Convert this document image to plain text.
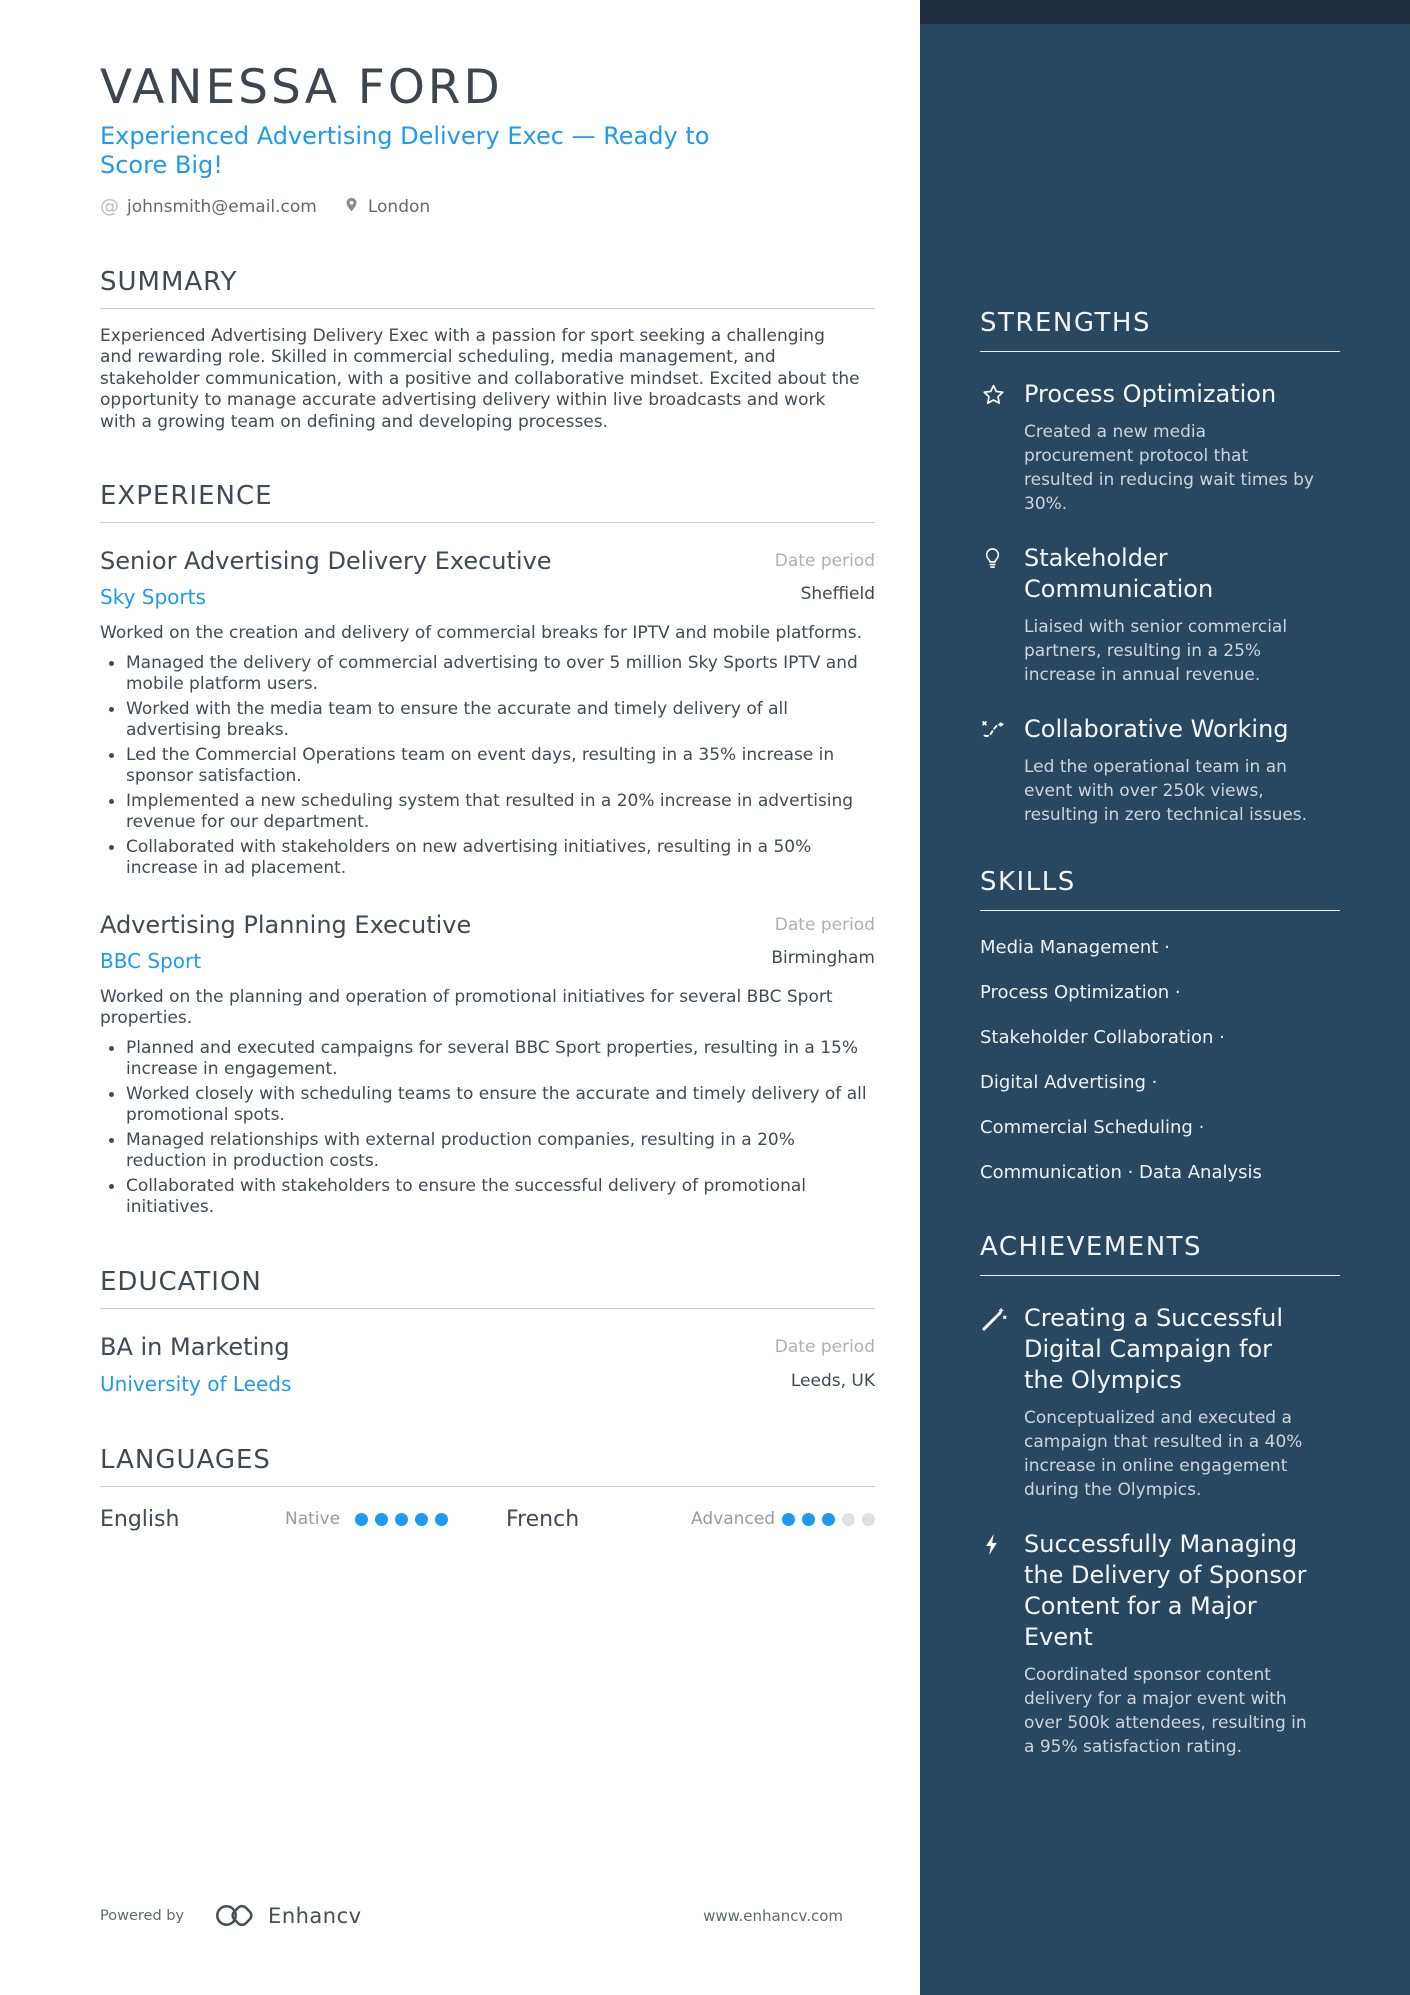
VANESSA FORD
Experienced Advertising Delivery Exec — Ready to Score Big!
@ johnsmith@email.com	London
SUMMARY

Experienced Advertising Delivery Exec with a passion for sport seeking a challenging and rewarding role. Skilled in commercial scheduling, media management, and stakeholder communication, with a positive and collaborative mindset. Excited about the opportunity to manage accurate advertising delivery within live broadcasts and work with a growing team on defining and developing processes.

EXPERIENCE
Senior Advertising Delivery Executive	Date period
Sky Sports	Sheffield

Worked on the creation and delivery of commercial breaks for IPTV and mobile platforms.

Managed the delivery of commercial advertising to over 5 million Sky Sports IPTV and mobile platform users.
Worked with the media team to ensure the accurate and timely delivery of all advertising breaks.
Led the Commercial Operations team on event days, resulting in a 35% increase in sponsor satisfaction.
Implemented a new scheduling system that resulted in a 20% increase in advertising revenue for our department.
Collaborated with stakeholders on new advertising initiatives, resulting in a 50% increase in ad placement.
Advertising Planning Executive	Date period
BBC Sport	Birmingham

Worked on the planning and operation of promotional initiatives for several BBC Sport properties.

Planned and executed campaigns for several BBC Sport properties, resulting in a 15% increase in engagement.
Worked closely with scheduling teams to ensure the accurate and timely delivery of all promotional spots.
Managed relationships with external production companies, resulting in a 20% reduction in production costs.
Collaborated with stakeholders to ensure the successful delivery of promotional initiatives.
EDUCATION
BA in Marketing	Date period
University of Leeds	Leeds, UK
LANGUAGES
English	Native	French	Advanced
Powered by	Enhancv	www.enhancv.com
STRENGTHS
Process Optimization
Created a new media procurement protocol that resulted in reducing wait times by 30%.
Stakeholder Communication
Liaised with senior commercial partners, resulting in a 25% increase in annual revenue.
Collaborative Working
Led the operational team in an event with over 250k views, resulting in zero technical issues.
SKILLS
Media Management ·
Process Optimization ·
Stakeholder Collaboration ·
Digital Advertising ·
Commercial Scheduling ·
Communication · Data Analysis
ACHIEVEMENTS
Creating a Successful Digital Campaign for the Olympics
Conceptualized and executed a campaign that resulted in a 40% increase in online engagement during the Olympics.
Successfully Managing the Delivery of Sponsor Content for a Major Event
Coordinated sponsor content delivery for a major event with over 500k attendees, resulting in a 95% satisfaction rating.
